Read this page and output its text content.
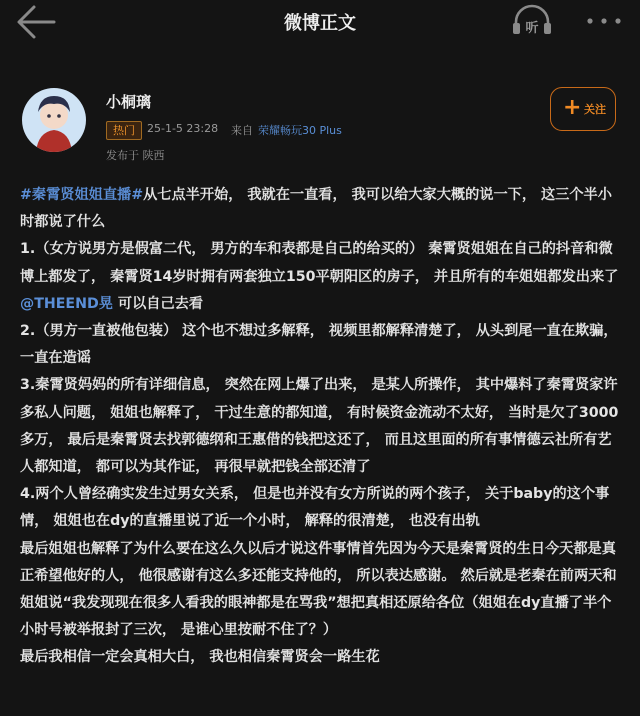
微博正文	听
小桐璃
热门	25-1-5 23:28 来自 荣耀畅玩30 Plus
发布于 陕西
+ 关注

#秦霄贤姐姐直播#从七点半开始， 我就在一直看， 我可以给大家大概的说一下， 这三个半小时都说了什么

1.（女方说男方是假富二代， 男方的车和表都是自己的给买的） 秦霄贤姐姐在自己的抖音和微博上都发了， 秦霄贤14岁时拥有两套独立150平朝阳区的房子， 并且所有的车姐姐都发出来了

@THEEND晃 可以自己去看

2.（男方一直被他包装） 这个也不想过多解释， 视频里都解释清楚了， 从头到尾一直在欺骗， 一直在造谣

3.秦霄贤妈妈的所有详细信息， 突然在网上爆了出来， 是某人所操作， 其中爆料了秦霄贤家许多私人问题， 姐姐也解释了， 干过生意的都知道， 有时候资金流动不太好， 当时是欠了3000多万， 最后是秦霄贤去找郭德纲和王惠借的钱把这还了， 而且这里面的所有事情德云社所有艺人都知道， 都可以为其作证， 再很早就把钱全部还清了

4.两个人曾经确实发生过男女关系， 但是也并没有女方所说的两个孩子， 关于baby的这个事情， 姐姐也在dy的直播里说了近一个小时， 解释的很清楚， 也没有出轨

最后姐姐也解释了为什么要在这么久以后才说这件事情首先因为今天是秦霄贤的生日今天都是真正希望他好的人， 他很感谢有这么多还能支持他的， 所以表达感谢。 然后就是老秦在前两天和姐姐说“我发现现在很多人看我的眼神都是在骂我”想把真相还原给各位（姐姐在dy直播了半个小时号被举报封了三次， 是谁心里按耐不住了？）

最后我相信一定会真相大白， 我也相信秦霄贤会一路生花
